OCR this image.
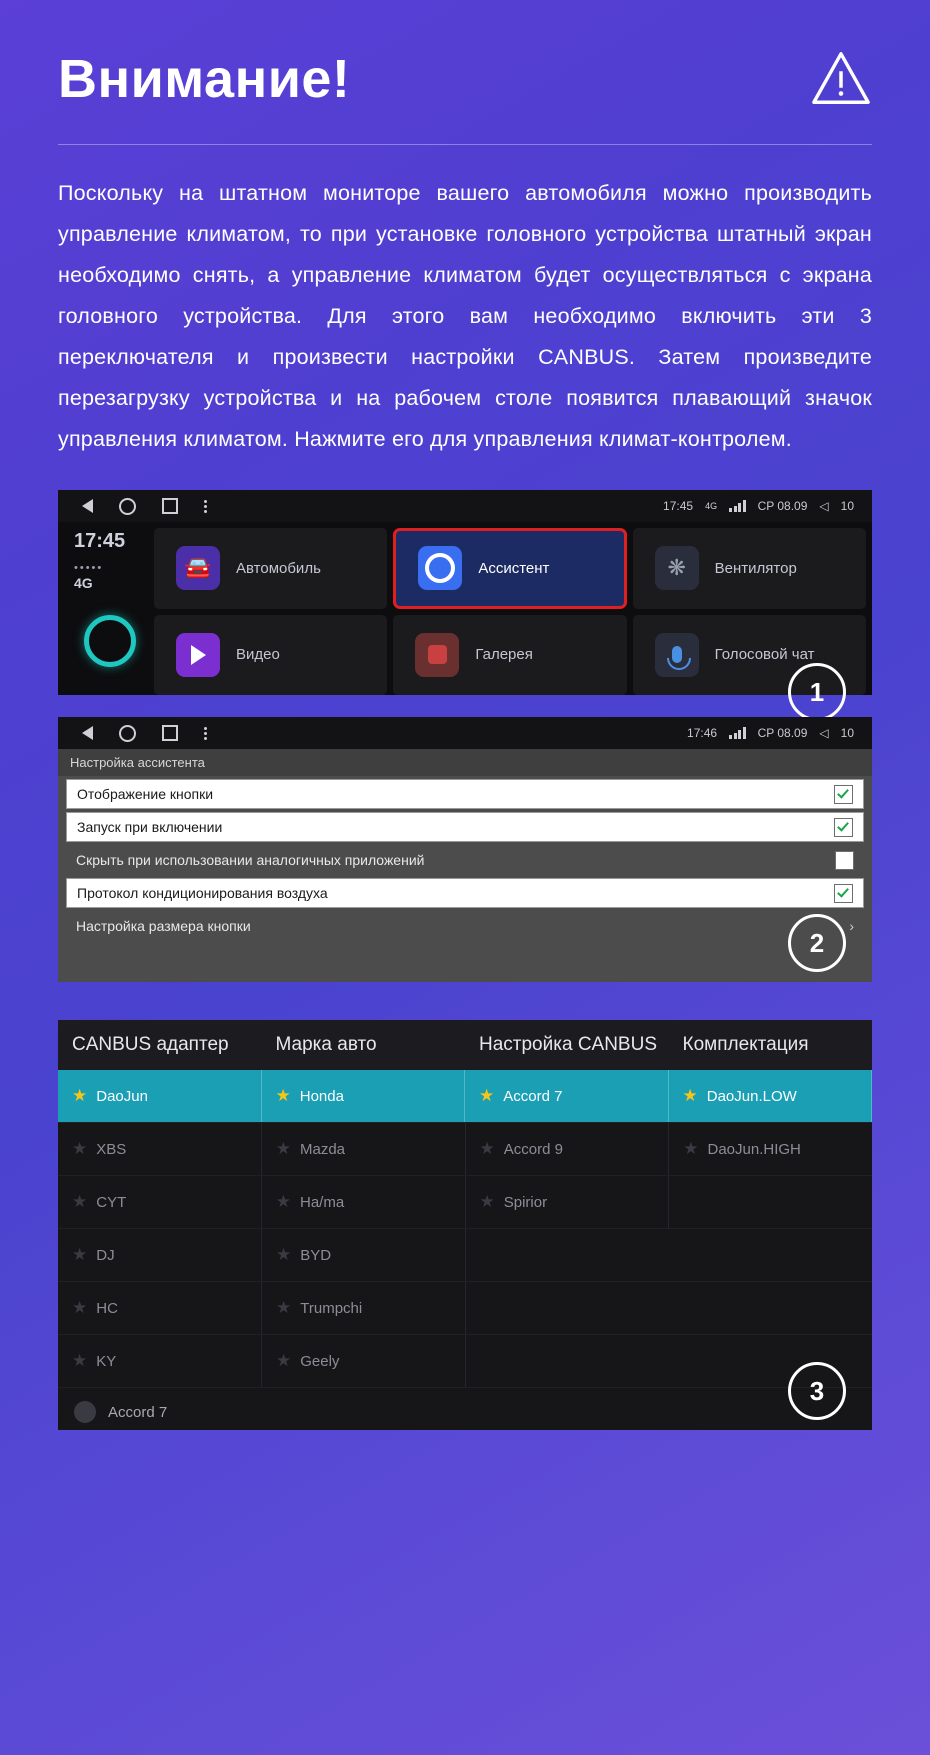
Внимание!
Поскольку на штатном мониторе вашего автомобиля можно производить управление климатом, то при установке головного устройства штатный экран необходимо снять, а управление климатом будет осуществляться с экрана головного устройства. Для этого вам необходимо включить эти 3 переключателя и произвести настройки CANBUS. Затем произведите перезагрузку устройства и на рабочем столе появится плавающий значок управления климатом. Нажмите его для управления климат-контролем.
17:45 4G	CP 08.09 ◁ 10
17:45
•••••
4G
🚘 Автомобиль	Ассистент	❋ Вентилятор
Видео	Галерея	Голосовой чат
1
17:46	CP 08.09 ◁ 10
Настройка ассистента
Отображение кнопки
Запуск при включении
Скрыть при использовании аналогичных приложений
Протокол кондиционирования воздуха
Настройка размера кнопки	›
2
CANBUS адаптер	Марка авто	Настройка CANBUS	Комплектация
★ DaoJun	★ Honda	★ Accord 7	★ DaoJun.LOW
★ XBS	★ Mazda	★ Accord 9	★ DaoJun.HIGH
★ CYT	★ Ha/ma	★ Spirior
★ DJ	★ BYD
★ HC	★ Trumpchi
★ KY	★ Geely
Accord 7
3
